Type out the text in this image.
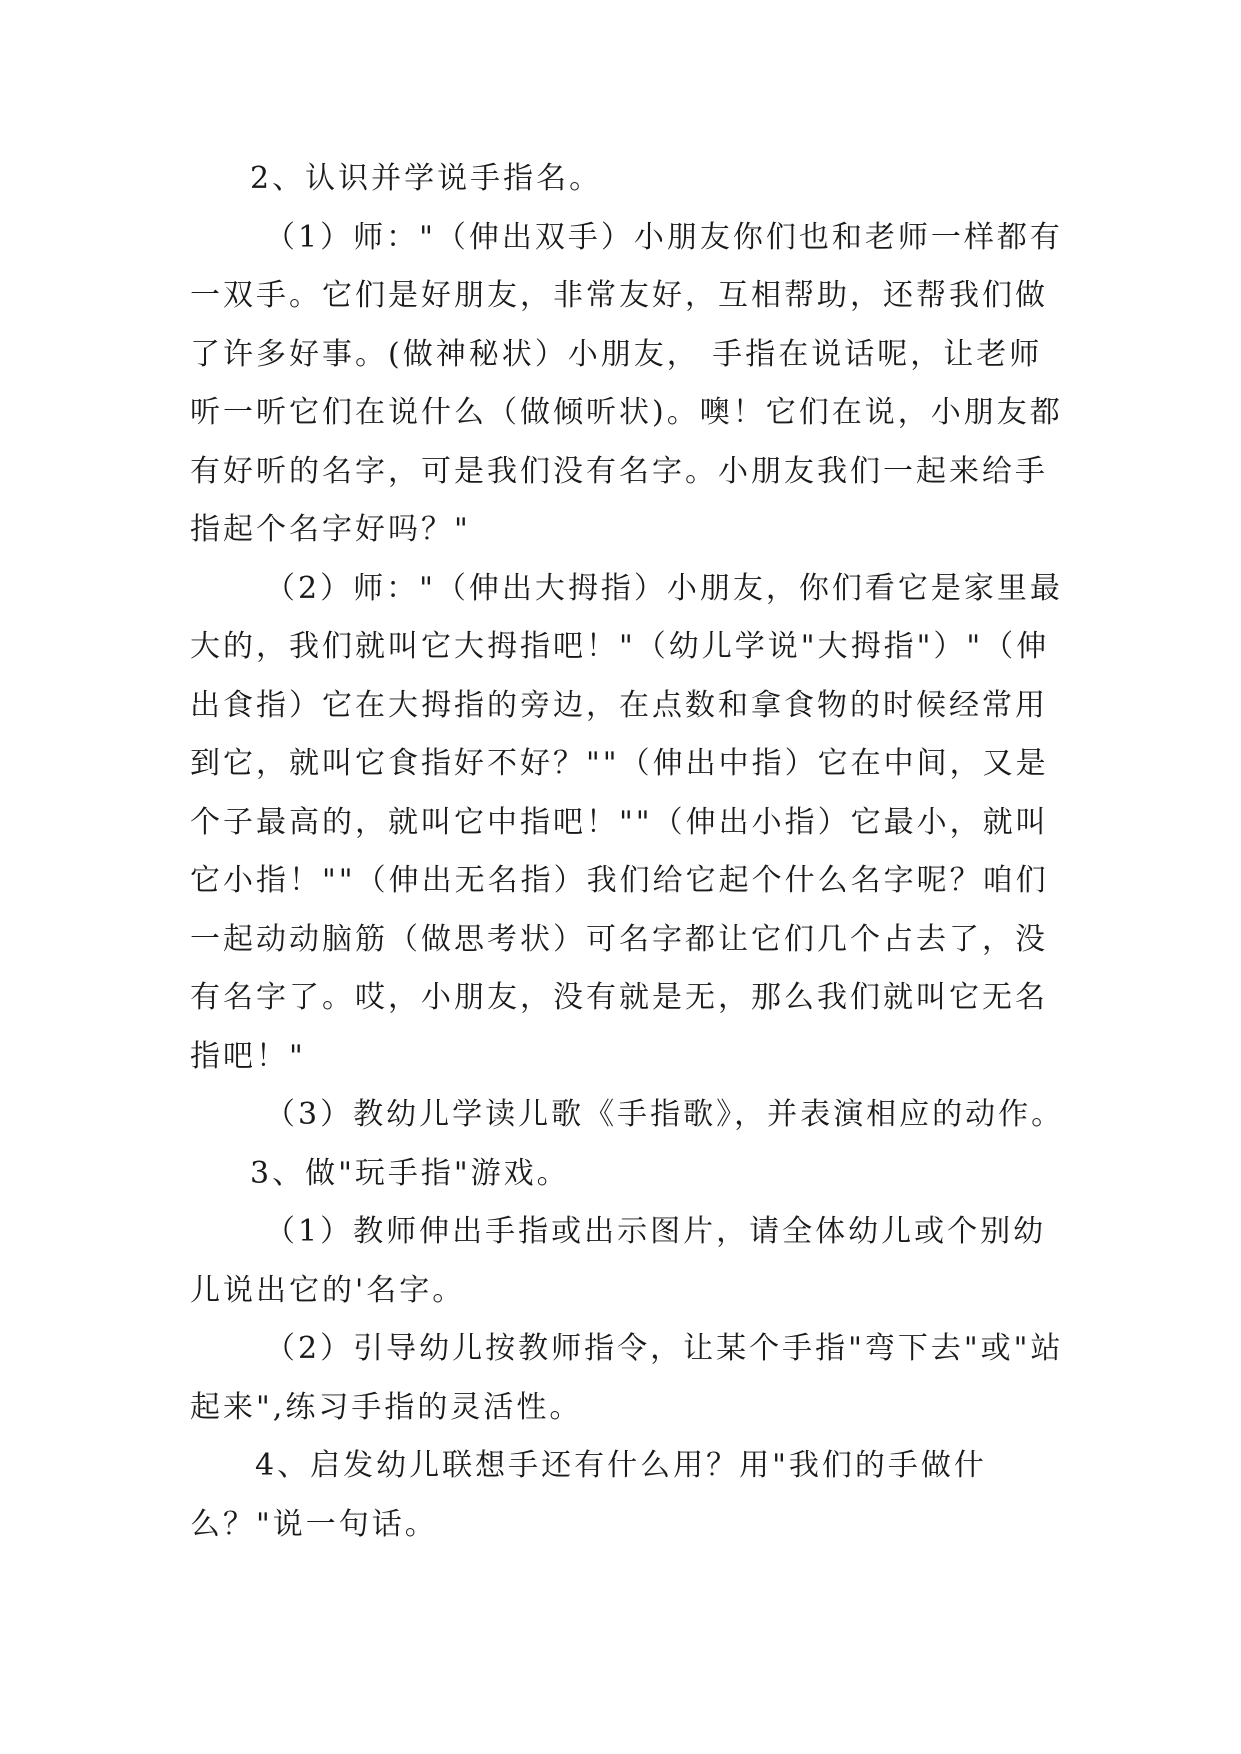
2、认识并学说手指名。

（1）师："（伸出双手）小朋友你们也和老师一样都有一双手。它们是好朋友，非常友好，互相帮助，还帮我们做了许多好事。(做神秘状）小朋友， 手指在说话呢，让老师听一听它们在说什么（做倾听状)。噢！它们在说，小朋友都有好听的名字，可是我们没有名字。小朋友我们一起来给手指起个名字好吗？"

（2）师："（伸出大拇指）小朋友，你们看它是家里最大的，我们就叫它大拇指吧！"（幼儿学说"大拇指"）"（伸出食指）它在大拇指的旁边，在点数和拿食物的时候经常用到它，就叫它食指好不好？""（伸出中指）它在中间，又是个子最高的，就叫它中指吧！""（伸出小指）它最小，就叫它小指！""（伸出无名指）我们给它起个什么名字呢？咱们一起动动脑筋（做思考状）可名字都让它们几个占去了，没有名字了。哎，小朋友，没有就是无，那么我们就叫它无名指吧！"

（3）教幼儿学读儿歌《手指歌》，并表演相应的动作。

3、做"玩手指"游戏。

（1）教师伸出手指或出示图片，请全体幼儿或个别幼儿说出它的'名字。

（2）引导幼儿按教师指令，让某个手指"弯下去"或"站起来",练习手指的灵活性。

4、启发幼儿联想手还有什么用？用"我们的手做什么？"说一句话。
